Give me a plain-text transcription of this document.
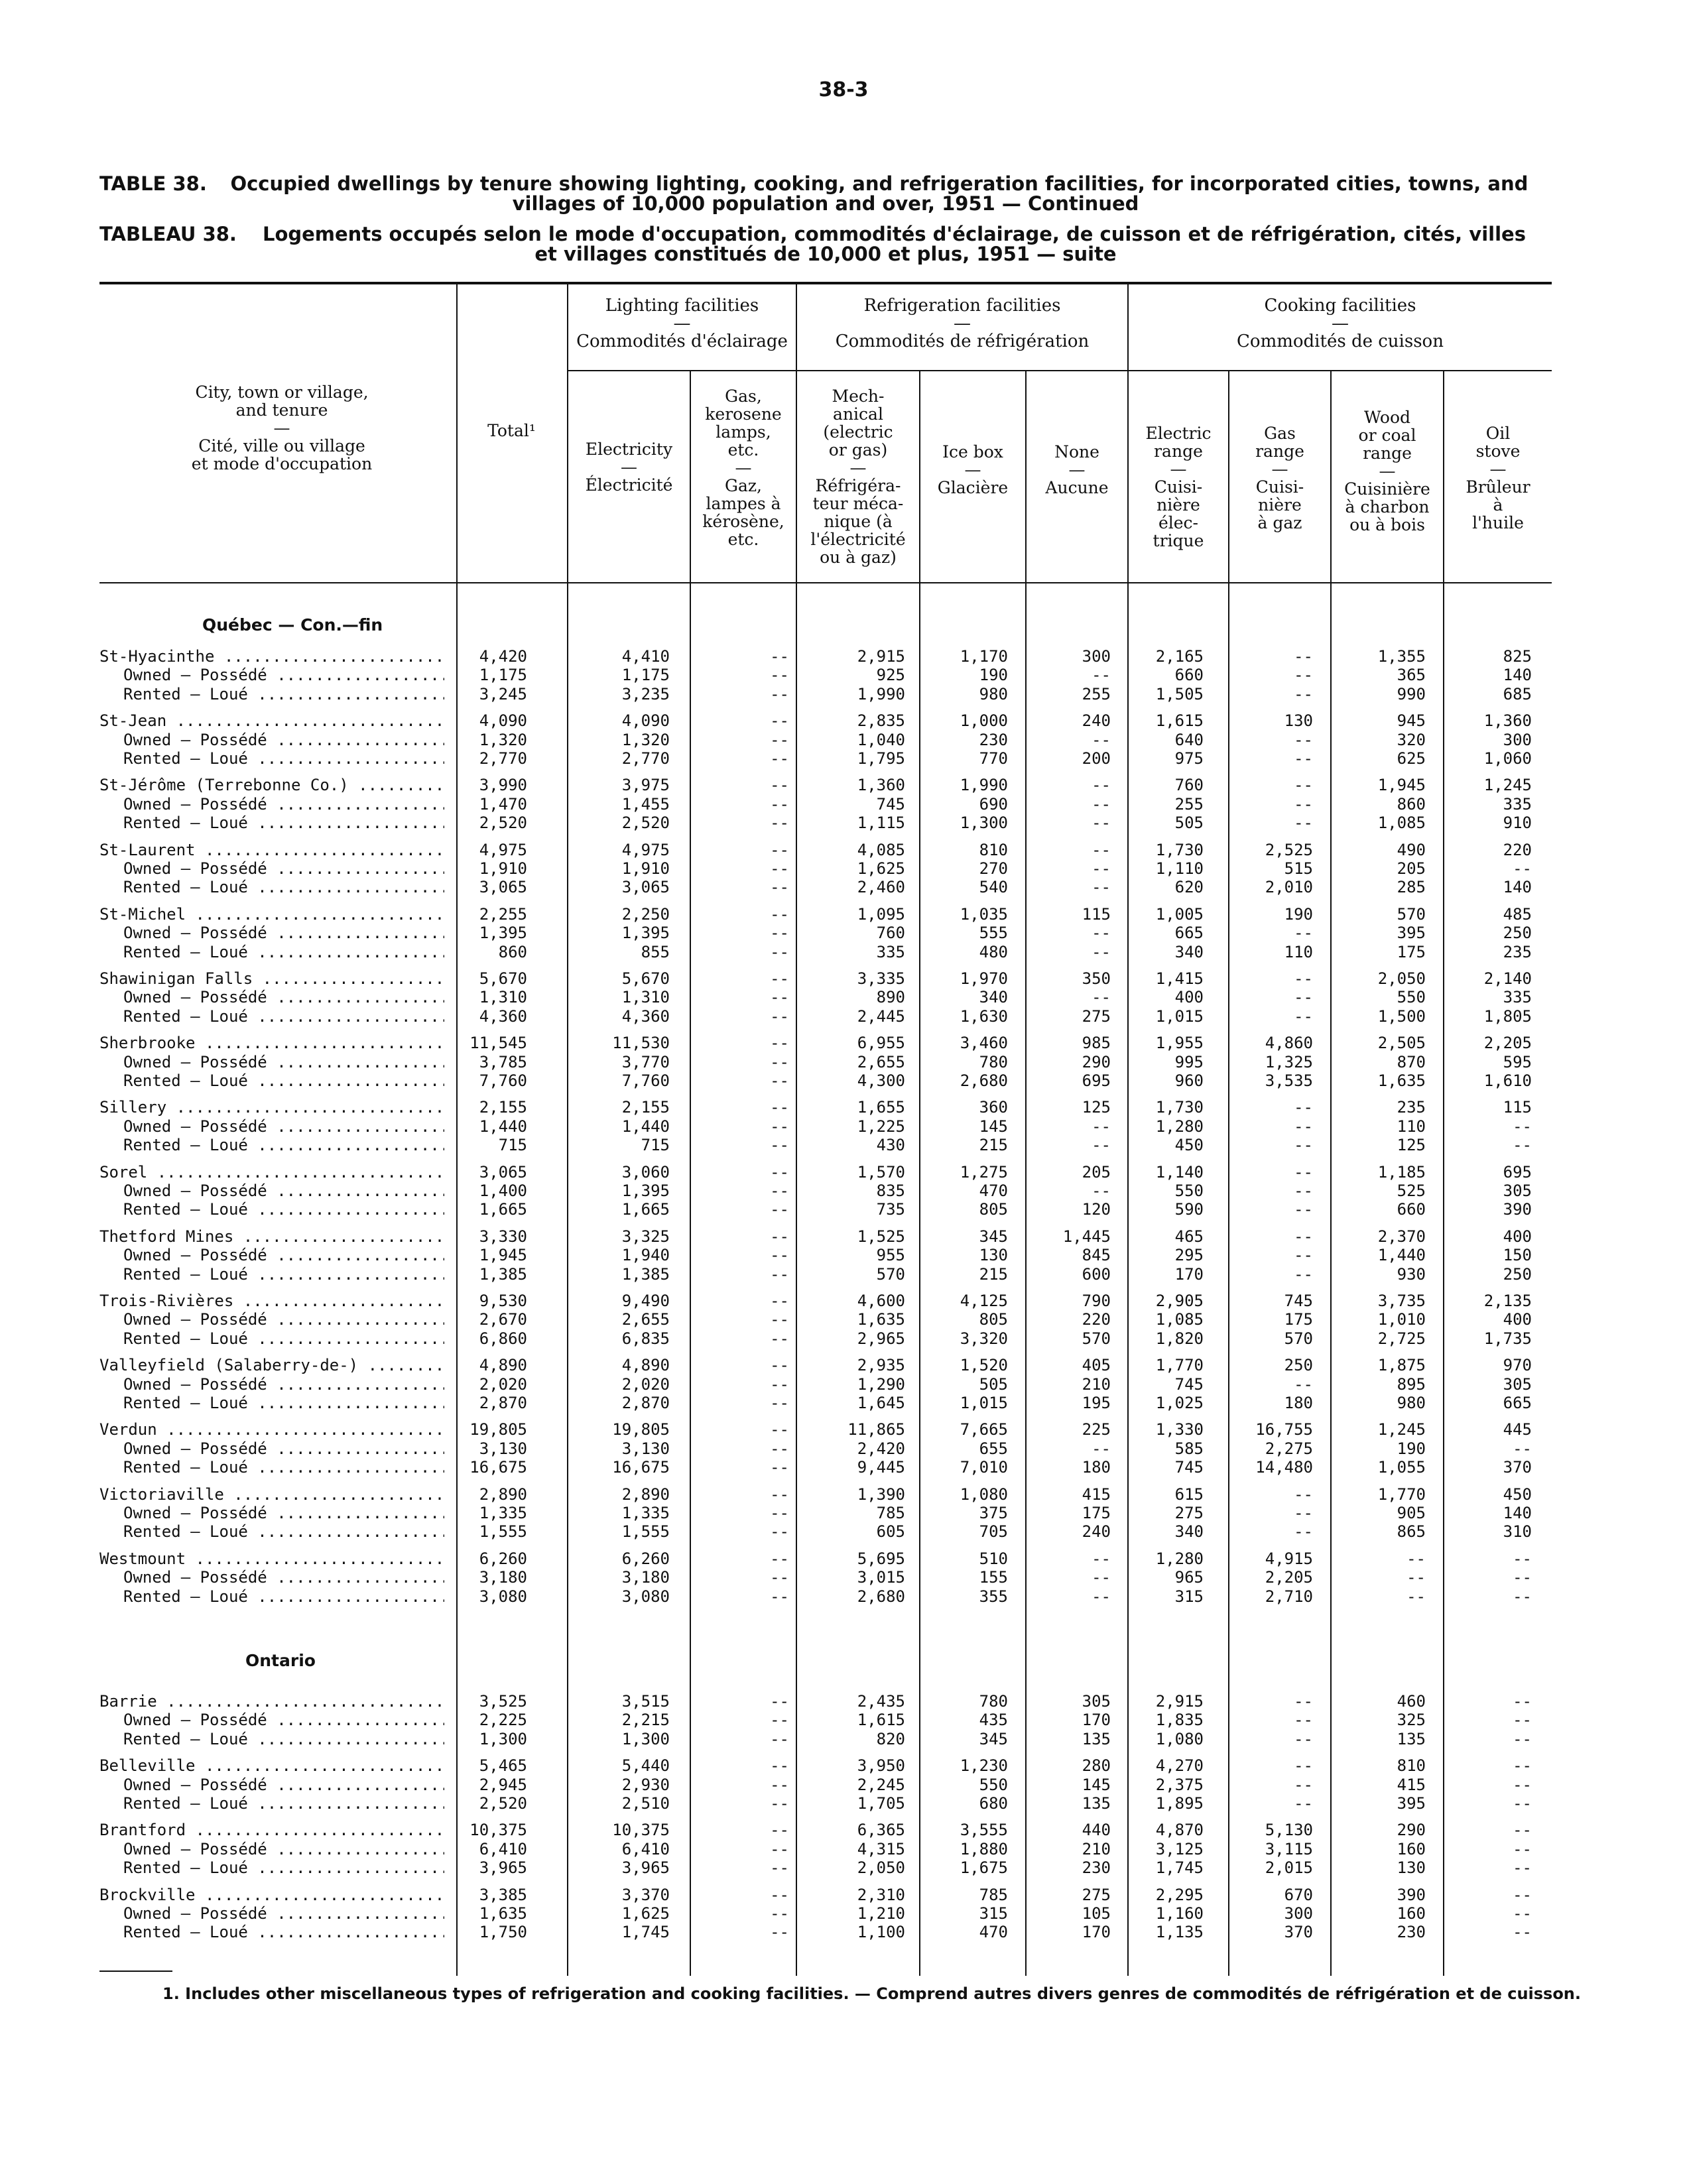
38-3
TABLE 38. Occupied dwellings by tenure showing lighting, cooking, and refrigeration facilities, for incorporated cities, towns, and
villages of 10,000 population and over, 1951 — Continued
TABLEAU 38. Logements occupés selon le mode d'occupation, commodités d'éclairage, de cuisson et de réfrigération, cités, villes
et villages constitués de 10,000 et plus, 1951 — suite
City, town or village,
and tenure
—
Cité, ville ou village
et mode d'occupation
Total¹
Lighting facilities
—
Commodités d'éclairage
Refrigeration facilities
—
Commodités de réfrigération
Cooking facilities
—
Commodités de cuisson
Electricity
—
Électricité
Gas,
kerosene
lamps,
etc.
—
Gaz,
lampes à
kérosène,
etc.
Mech-
anical
(electric
or gas)
—
Réfrigéra-
teur méca-
nique (à
l'électricité
ou à gaz)
Ice box
—
Glacière
None
—
Aucune
Electric
range
—
Cuisi-
nière
élec-
trique
Gas
range
—
Cuisi-
nière
à gaz
Wood
or coal
range
—
Cuisinière
à charbon
ou à bois
Oil
stove
—
Brûleur
à
l'huile
Québec — Con.—fin
St-Hyacinthe .....	4,420	4,410	--	2,915	1,170	300	2,165	--	1,355	825
Owned — Possédé .....	1,175	1,175	--	925	190	--	660	--	365	140
Rented — Loué .....	3,245	3,235	--	1,990	980	255	1,505	--	990	685
St-Jean .....	4,090	4,090	--	2,835	1,000	240	1,615	130	945	1,360
Owned — Possédé .....	1,320	1,320	--	1,040	230	--	640	--	320	300
Rented — Loué .....	2,770	2,770	--	1,795	770	200	975	--	625	1,060
St-Jérôme (Terrebonne Co.) .....	3,990	3,975	--	1,360	1,990	--	760	--	1,945	1,245
Owned — Possédé .....	1,470	1,455	--	745	690	--	255	--	860	335
Rented — Loué .....	2,520	2,520	--	1,115	1,300	--	505	--	1,085	910
St-Laurent .....	4,975	4,975	--	4,085	810	--	1,730	2,525	490	220
Owned — Possédé .....	1,910	1,910	--	1,625	270	--	1,110	515	205	--
Rented — Loué .....	3,065	3,065	--	2,460	540	--	620	2,010	285	140
St-Michel .....	2,255	2,250	--	1,095	1,035	115	1,005	190	570	485
Owned — Possédé .....	1,395	1,395	--	760	555	--	665	--	395	250
Rented — Loué .....	860	855	--	335	480	--	340	110	175	235
Shawinigan Falls .....	5,670	5,670	--	3,335	1,970	350	1,415	--	2,050	2,140
Owned — Possédé .....	1,310	1,310	--	890	340	--	400	--	550	335
Rented — Loué .....	4,360	4,360	--	2,445	1,630	275	1,015	--	1,500	1,805
Sherbrooke .....	11,545	11,530	--	6,955	3,460	985	1,955	4,860	2,505	2,205
Owned — Possédé .....	3,785	3,770	--	2,655	780	290	995	1,325	870	595
Rented — Loué .....	7,760	7,760	--	4,300	2,680	695	960	3,535	1,635	1,610
Sillery .....	2,155	2,155	--	1,655	360	125	1,730	--	235	115
Owned — Possédé .....	1,440	1,440	--	1,225	145	--	1,280	--	110	--
Rented — Loué .....	715	715	--	430	215	--	450	--	125	--
Sorel .....	3,065	3,060	--	1,570	1,275	205	1,140	--	1,185	695
Owned — Possédé .....	1,400	1,395	--	835	470	--	550	--	525	305
Rented — Loué .....	1,665	1,665	--	735	805	120	590	--	660	390
Thetford Mines .....	3,330	3,325	--	1,525	345	1,445	465	--	2,370	400
Owned — Possédé .....	1,945	1,940	--	955	130	845	295	--	1,440	150
Rented — Loué .....	1,385	1,385	--	570	215	600	170	--	930	250
Trois-Rivières .....	9,530	9,490	--	4,600	4,125	790	2,905	745	3,735	2,135
Owned — Possédé .....	2,670	2,655	--	1,635	805	220	1,085	175	1,010	400
Rented — Loué .....	6,860	6,835	--	2,965	3,320	570	1,820	570	2,725	1,735
Valleyfield (Salaberry-de-) .....	4,890	4,890	--	2,935	1,520	405	1,770	250	1,875	970
Owned — Possédé .....	2,020	2,020	--	1,290	505	210	745	--	895	305
Rented — Loué .....	2,870	2,870	--	1,645	1,015	195	1,025	180	980	665
Verdun .....	19,805	19,805	--	11,865	7,665	225	1,330	16,755	1,245	445
Owned — Possédé .....	3,130	3,130	--	2,420	655	--	585	2,275	190	--
Rented — Loué .....	16,675	16,675	--	9,445	7,010	180	745	14,480	1,055	370
Victoriaville .....	2,890	2,890	--	1,390	1,080	415	615	--	1,770	450
Owned — Possédé .....	1,335	1,335	--	785	375	175	275	--	905	140
Rented — Loué .....	1,555	1,555	--	605	705	240	340	--	865	310
Westmount .....	6,260	6,260	--	5,695	510	--	1,280	4,915	--	--
Owned — Possédé .....	3,180	3,180	--	3,015	155	--	965	2,205	--	--
Rented — Loué .....	3,080	3,080	--	2,680	355	--	315	2,710	--	--
Ontario
Barrie .....	3,525	3,515	--	2,435	780	305	2,915	--	460	--
Owned — Possédé .....	2,225	2,215	--	1,615	435	170	1,835	--	325	--
Rented — Loué .....	1,300	1,300	--	820	345	135	1,080	--	135	--
Belleville .....	5,465	5,440	--	3,950	1,230	280	4,270	--	810	--
Owned — Possédé .....	2,945	2,930	--	2,245	550	145	2,375	--	415	--
Rented — Loué .....	2,520	2,510	--	1,705	680	135	1,895	--	395	--
Brantford .....	10,375	10,375	--	6,365	3,555	440	4,870	5,130	290	--
Owned — Possédé .....	6,410	6,410	--	4,315	1,880	210	3,125	3,115	160	--
Rented — Loué .....	3,965	3,965	--	2,050	1,675	230	1,745	2,015	130	--
Brockville .....	3,385	3,370	--	2,310	785	275	2,295	670	390	--
Owned — Possédé .....	1,635	1,625	--	1,210	315	105	1,160	300	160	--
Rented — Loué .....	1,750	1,745	--	1,100	470	170	1,135	370	230	--
1. Includes other miscellaneous types of refrigeration and cooking facilities. — Comprend autres divers genres de commodités de réfrigération et de cuisson.
